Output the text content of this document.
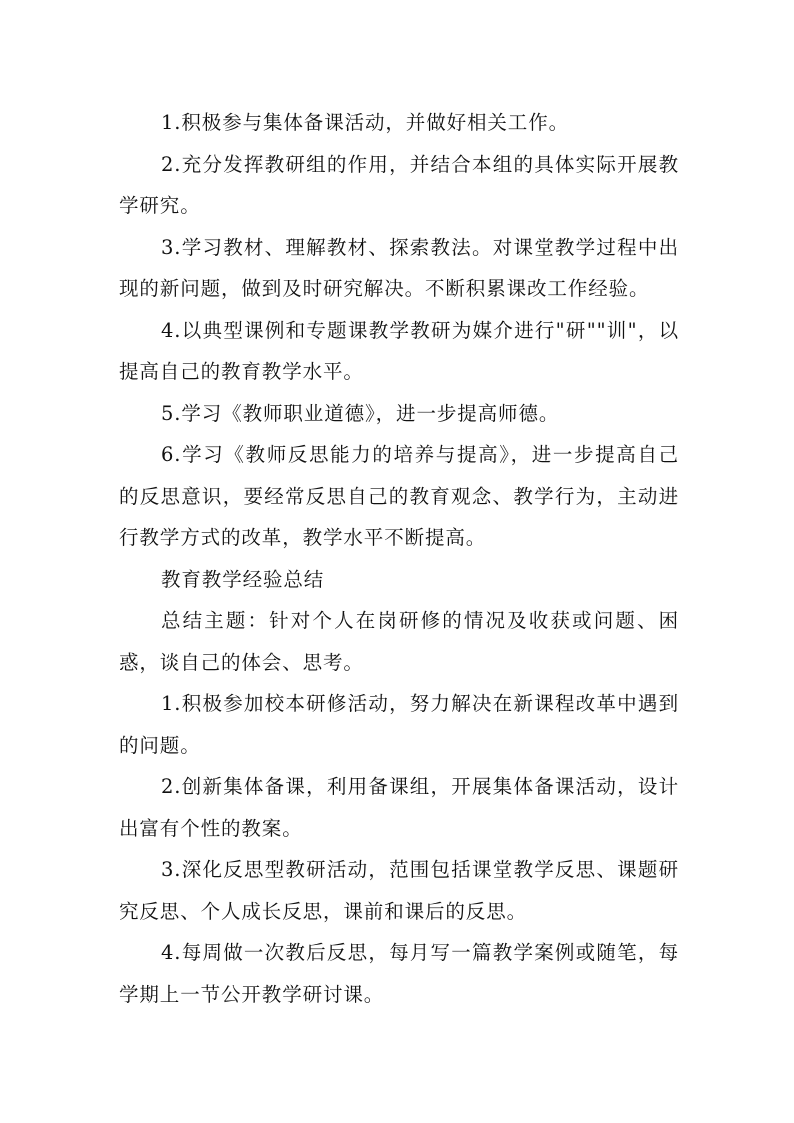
1.积极参与集体备课活动，并做好相关工作。

2.充分发挥教研组的作用，并结合本组的具体实际开展教学研究。

3.学习教材、理解教材、探索教法。对课堂教学过程中出现的新问题，做到及时研究解决。不断积累课改工作经验。

4.以典型课例和专题课教学教研为媒介进行"研""训"，以提高自己的教育教学水平。

5.学习《教师职业道德》，进一步提高师德。

6.学习《教师反思能力的培养与提高》，进一步提高自己的反思意识，要经常反思自己的教育观念、教学行为，主动进行教学方式的改革，教学水平不断提高。

教育教学经验总结

总结主题：针对个人在岗研修的情况及收获或问题、困惑，谈自己的体会、思考。

1.积极参加校本研修活动，努力解决在新课程改革中遇到的问题。

2.创新集体备课，利用备课组，开展集体备课活动，设计出富有个性的教案。

3.深化反思型教研活动，范围包括课堂教学反思、课题研究反思、个人成长反思，课前和课后的反思。

4.每周做一次教后反思，每月写一篇教学案例或随笔，每学期上一节公开教学研讨课。
